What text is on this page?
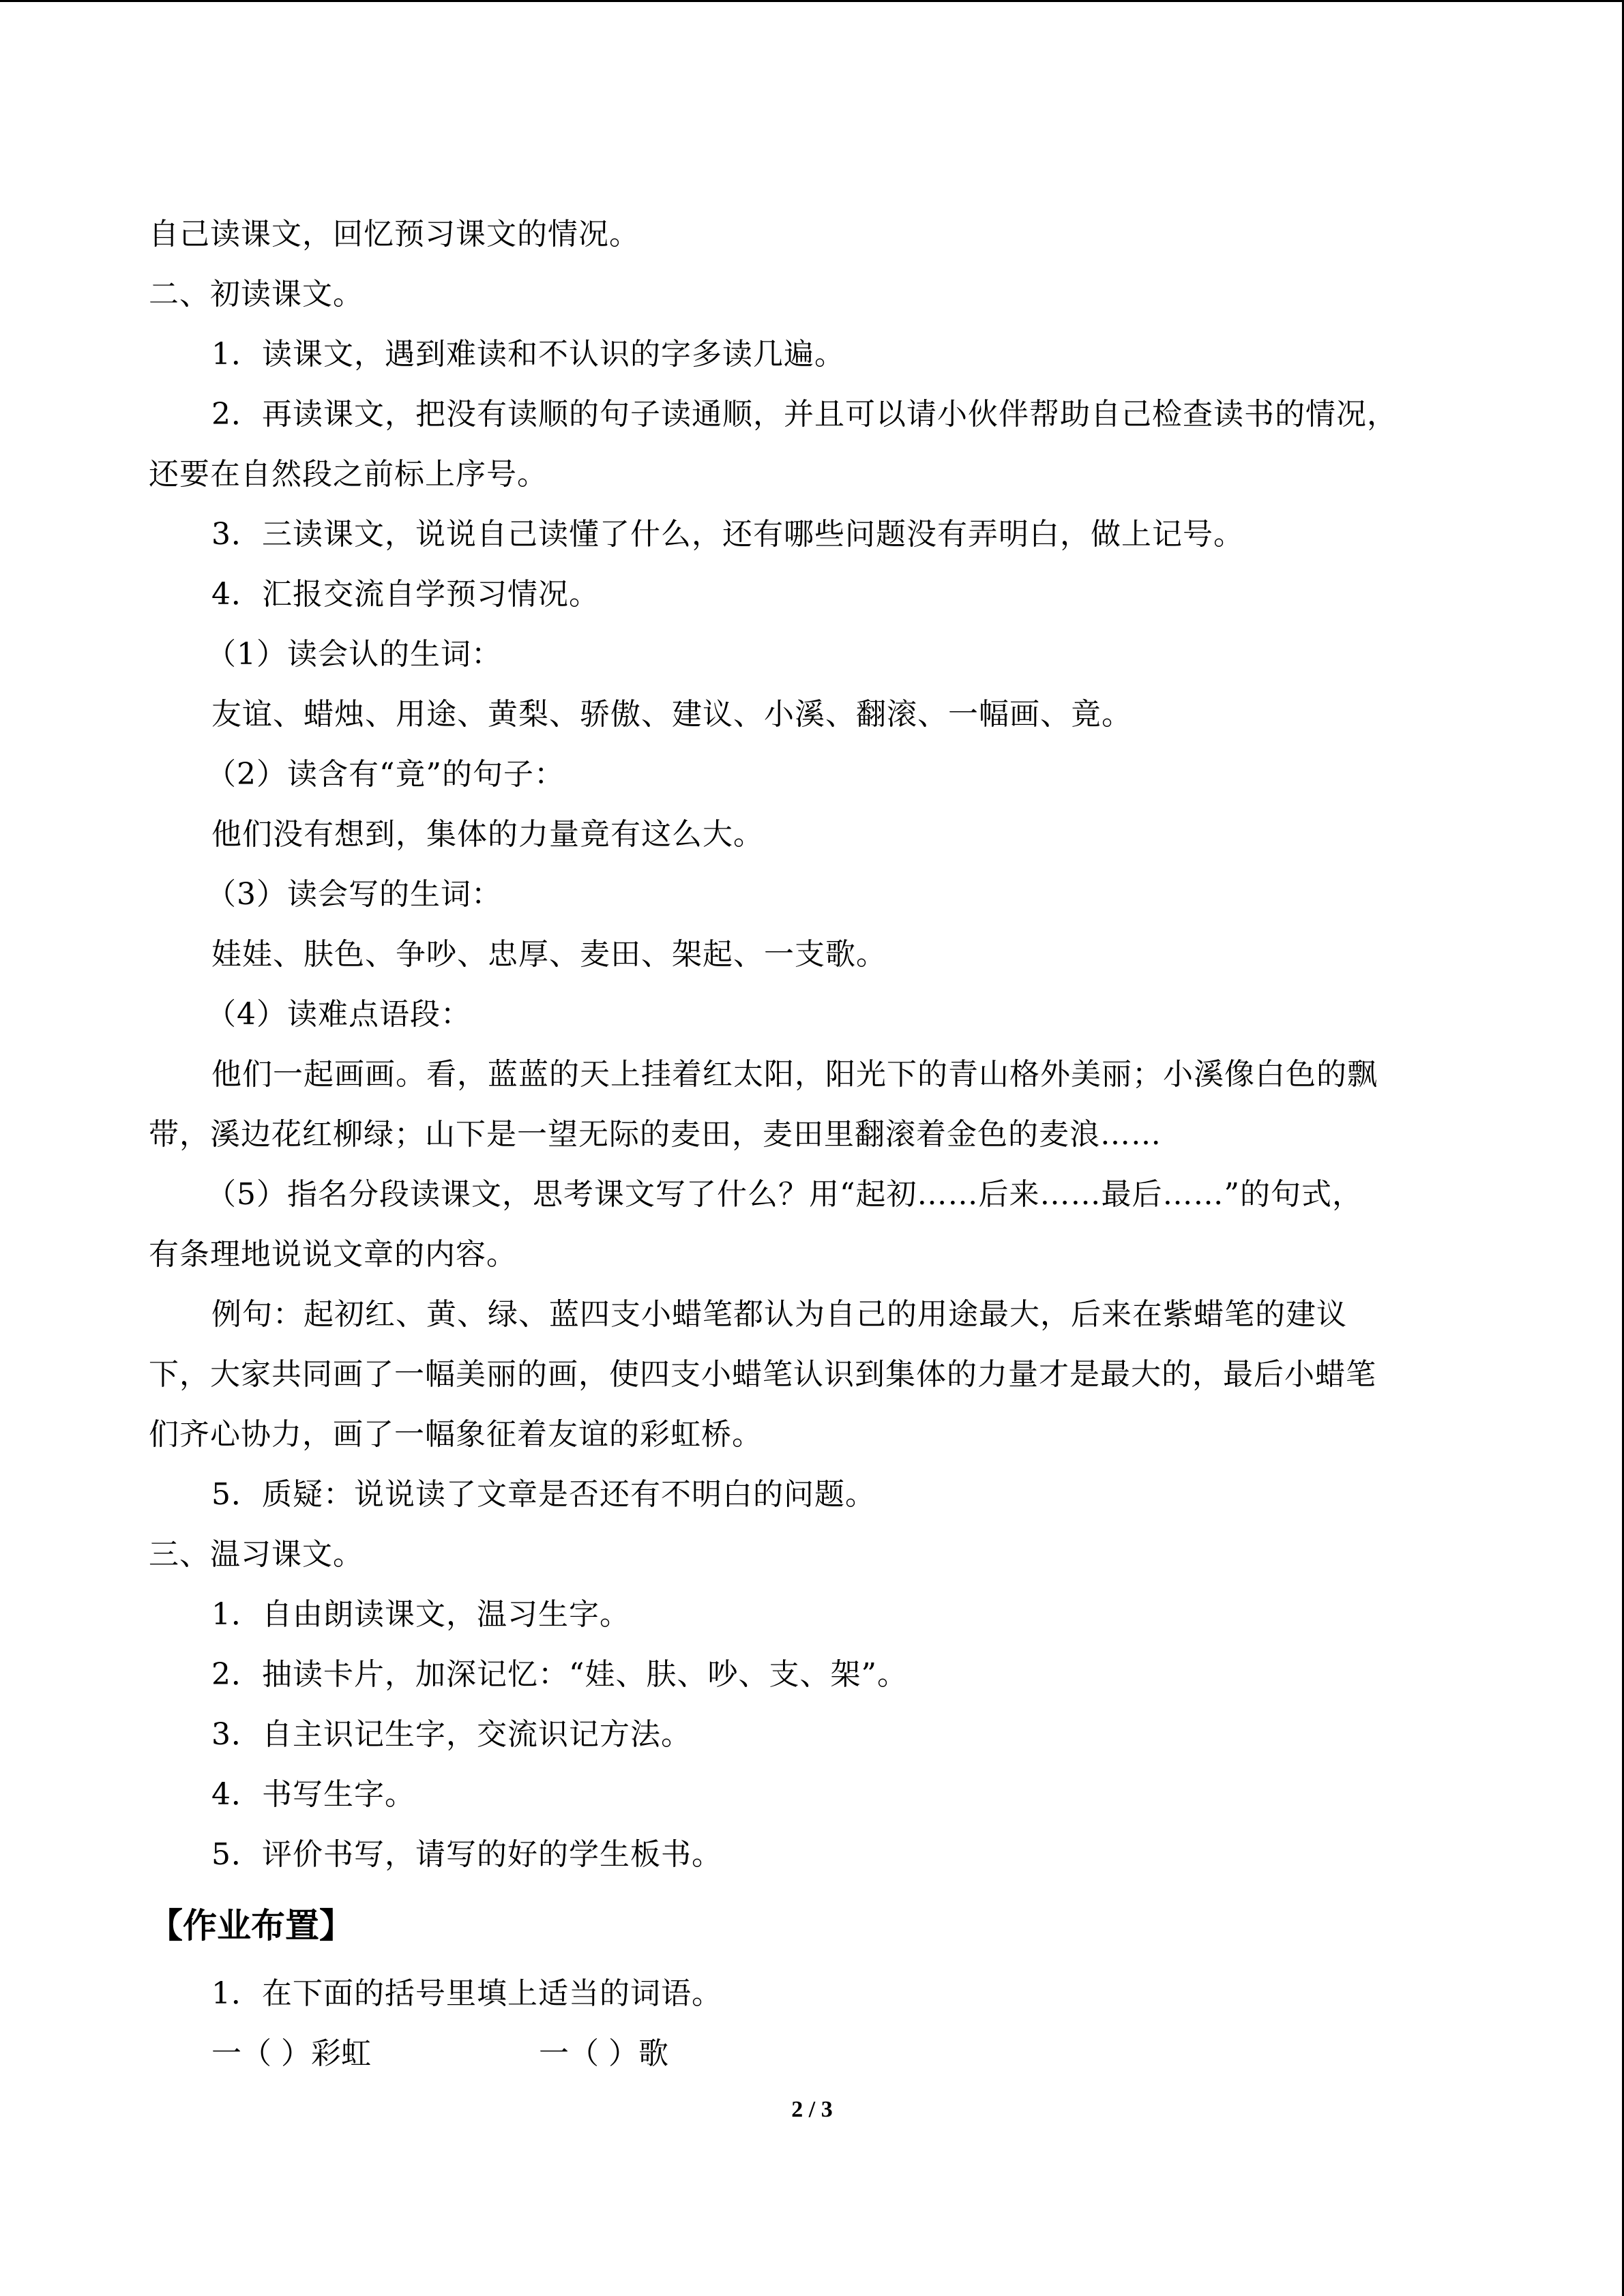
自己读课文，回忆预习课文的情况。
二、初读课文。
1．读课文，遇到难读和不认识的字多读几遍。
2．再读课文，把没有读顺的句子读通顺，并且可以请小伙伴帮助自己检查读书的情况，
还要在自然段之前标上序号。
3．三读课文，说说自己读懂了什么，还有哪些问题没有弄明白，做上记号。
4．汇报交流自学预习情况。
（1）读会认的生词：
友谊、蜡烛、用途、黄梨、骄傲、建议、小溪、翻滚、一幅画、竟。
（2）读含有“竟”的句子：
他们没有想到，集体的力量竟有这么大。
（3）读会写的生词：
娃娃、肤色、争吵、忠厚、麦田、架起、一支歌。
（4）读难点语段：
他们一起画画。看，蓝蓝的天上挂着红太阳，阳光下的青山格外美丽；小溪像白色的飘
带，溪边花红柳绿；山下是一望无际的麦田，麦田里翻滚着金色的麦浪……
（5）指名分段读课文，思考课文写了什么？用“起初……后来……最后……”的句式，
有条理地说说文章的内容。
例句：起初红、黄、绿、蓝四支小蜡笔都认为自己的用途最大，后来在紫蜡笔的建议
下，大家共同画了一幅美丽的画，使四支小蜡笔认识到集体的力量才是最大的，最后小蜡笔
们齐心协力，画了一幅象征着友谊的彩虹桥。
5．质疑：说说读了文章是否还有不明白的问题。
三、温习课文。
1．自由朗读课文，温习生字。
2．抽读卡片，加深记忆：“娃、肤、吵、支、架”。
3．自主识记生字，交流识记方法。
4．书写生字。
5．评价书写，请写的好的学生板书。
【作业布置】
1．在下面的括号里填上适当的词语。
一（ ）彩虹	一（ ）歌
2 / 3
